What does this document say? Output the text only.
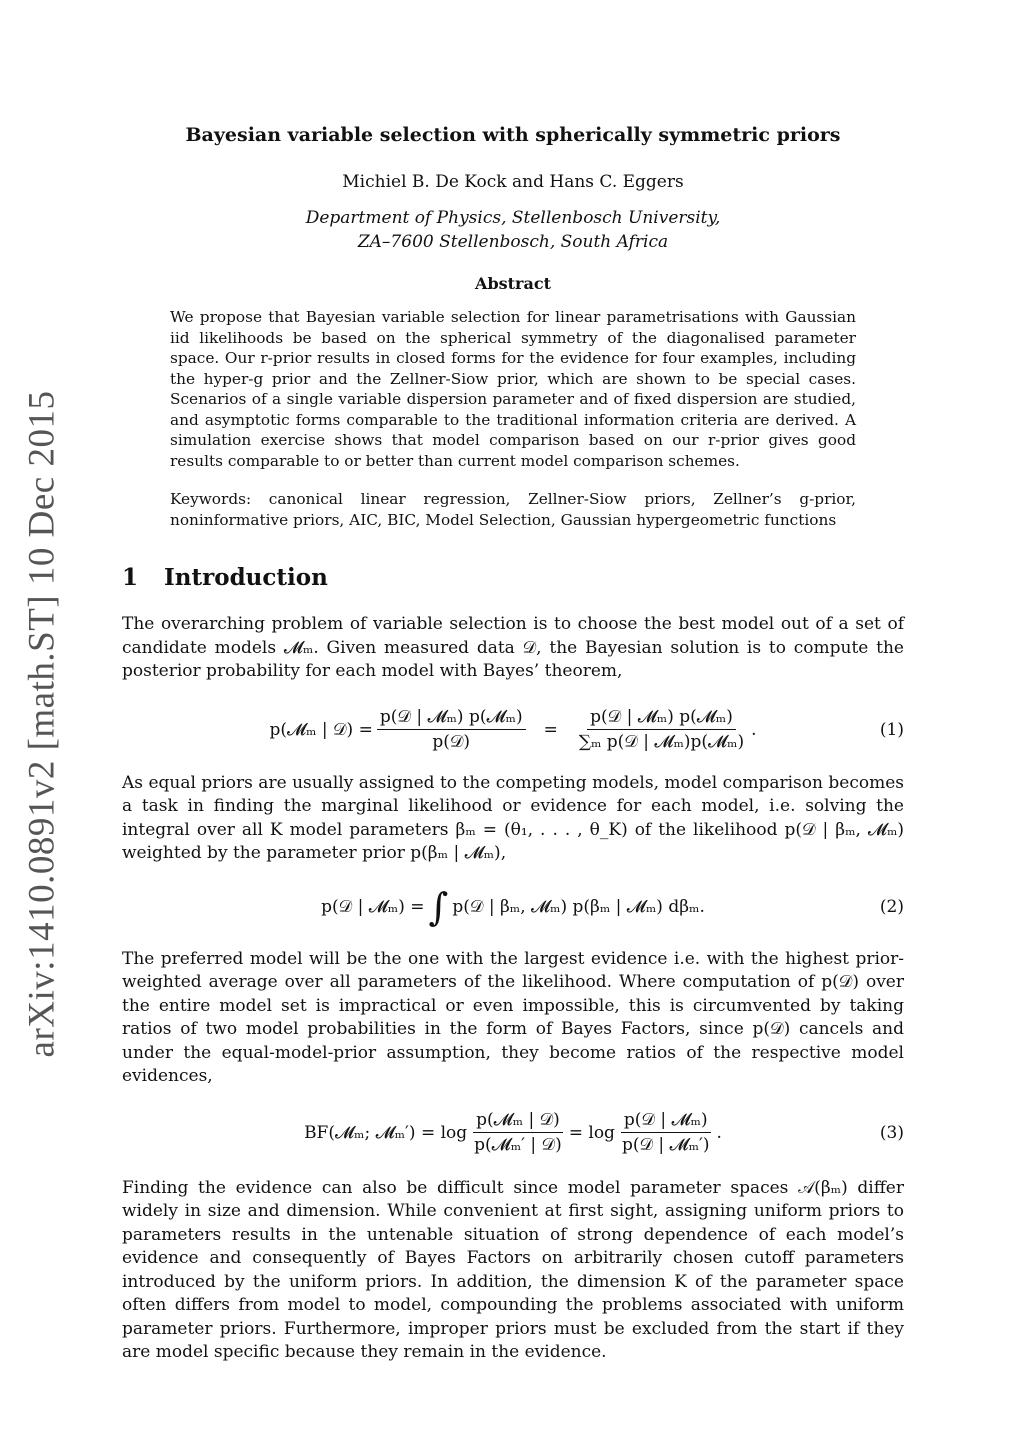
arXiv:1410.0891v2 [math.ST] 10 Dec 2015
Bayesian variable selection with spherically symmetric priors
Michiel B. De Kock and Hans C. Eggers
Department of Physics, Stellenbosch University,
ZA–7600 Stellenbosch, South Africa
Abstract
We propose that Bayesian variable selection for linear parametrisations with Gaussian iid likelihoods be based on the spherical symmetry of the diagonalised parameter space. Our r-prior results in closed forms for the evidence for four examples, including the hyper-g prior and the Zellner-Siow prior, which are shown to be special cases. Scenarios of a single variable dispersion parameter and of fixed dispersion are studied, and asymptotic forms comparable to the traditional information criteria are derived. A simulation exercise shows that model comparison based on our r-prior gives good results comparable to or better than current model comparison schemes.
Keywords: canonical linear regression, Zellner-Siow priors, Zellner’s g-prior, noninformative priors, AIC, BIC, Model Selection, Gaussian hypergeometric functions
1 Introduction

The overarching problem of variable selection is to choose the best model out of a set of candidate models 𝓜ₘ. Given measured data 𝒟, the Bayesian solution is to compute the posterior probability for each model with Bayes’ theorem,

p(𝓜ₘ | 𝒟) = $\frac{\text{p(𝒟 | 𝓜ₘ) p(𝓜ₘ)}}{\text{p(𝒟)}} = \frac{\text{p(𝒟 | 𝓜ₘ) p(𝓜ₘ)}}{\text{∑ₘ p(𝒟 | 𝓜ₘ)p(𝓜ₘ)}}$ .	(1)

As equal priors are usually assigned to the competing models, model comparison becomes a task in finding the marginal likelihood or evidence for each model, i.e. solving the integral over all K model parameters βₘ = (θ₁, . . . , θ_K) of the likelihood p(𝒟 | βₘ, 𝓜ₘ) weighted by the parameter prior p(βₘ | 𝓜ₘ),

p(𝒟 | 𝓜ₘ) = ∫ p(𝒟 | βₘ, 𝓜ₘ) p(βₘ | 𝓜ₘ) dβₘ.	(2)

The preferred model will be the one with the largest evidence i.e. with the highest prior-weighted average over all parameters of the likelihood. Where computation of p(𝒟) over the entire model set is impractical or even impossible, this is circumvented by taking ratios of two model probabilities in the form of Bayes Factors, since p(𝒟) cancels and under the equal-model-prior assumption, they become ratios of the respective model evidences,

BF(𝓜ₘ; 𝓜ₘ′) = $\log \frac{\text{p(𝓜ₘ | 𝒟)}}{\text{p(𝓜ₘ′ | 𝒟)}} = \log \frac{\text{p(𝒟 | 𝓜ₘ)}}{\text{p(𝒟 | 𝓜ₘ′)}}$ .	(3)

Finding the evidence can also be difficult since model parameter spaces 𝒜(βₘ) differ widely in size and dimension. While convenient at first sight, assigning uniform priors to parameters results in the untenable situation of strong dependence of each model’s evidence and consequently of Bayes Factors on arbitrarily chosen cutoff parameters introduced by the uniform priors. In addition, the dimension K of the parameter space often differs from model to model, compounding the problems associated with uniform parameter priors. Furthermore, improper priors must be excluded from the start if they are model specific because they remain in the evidence.
